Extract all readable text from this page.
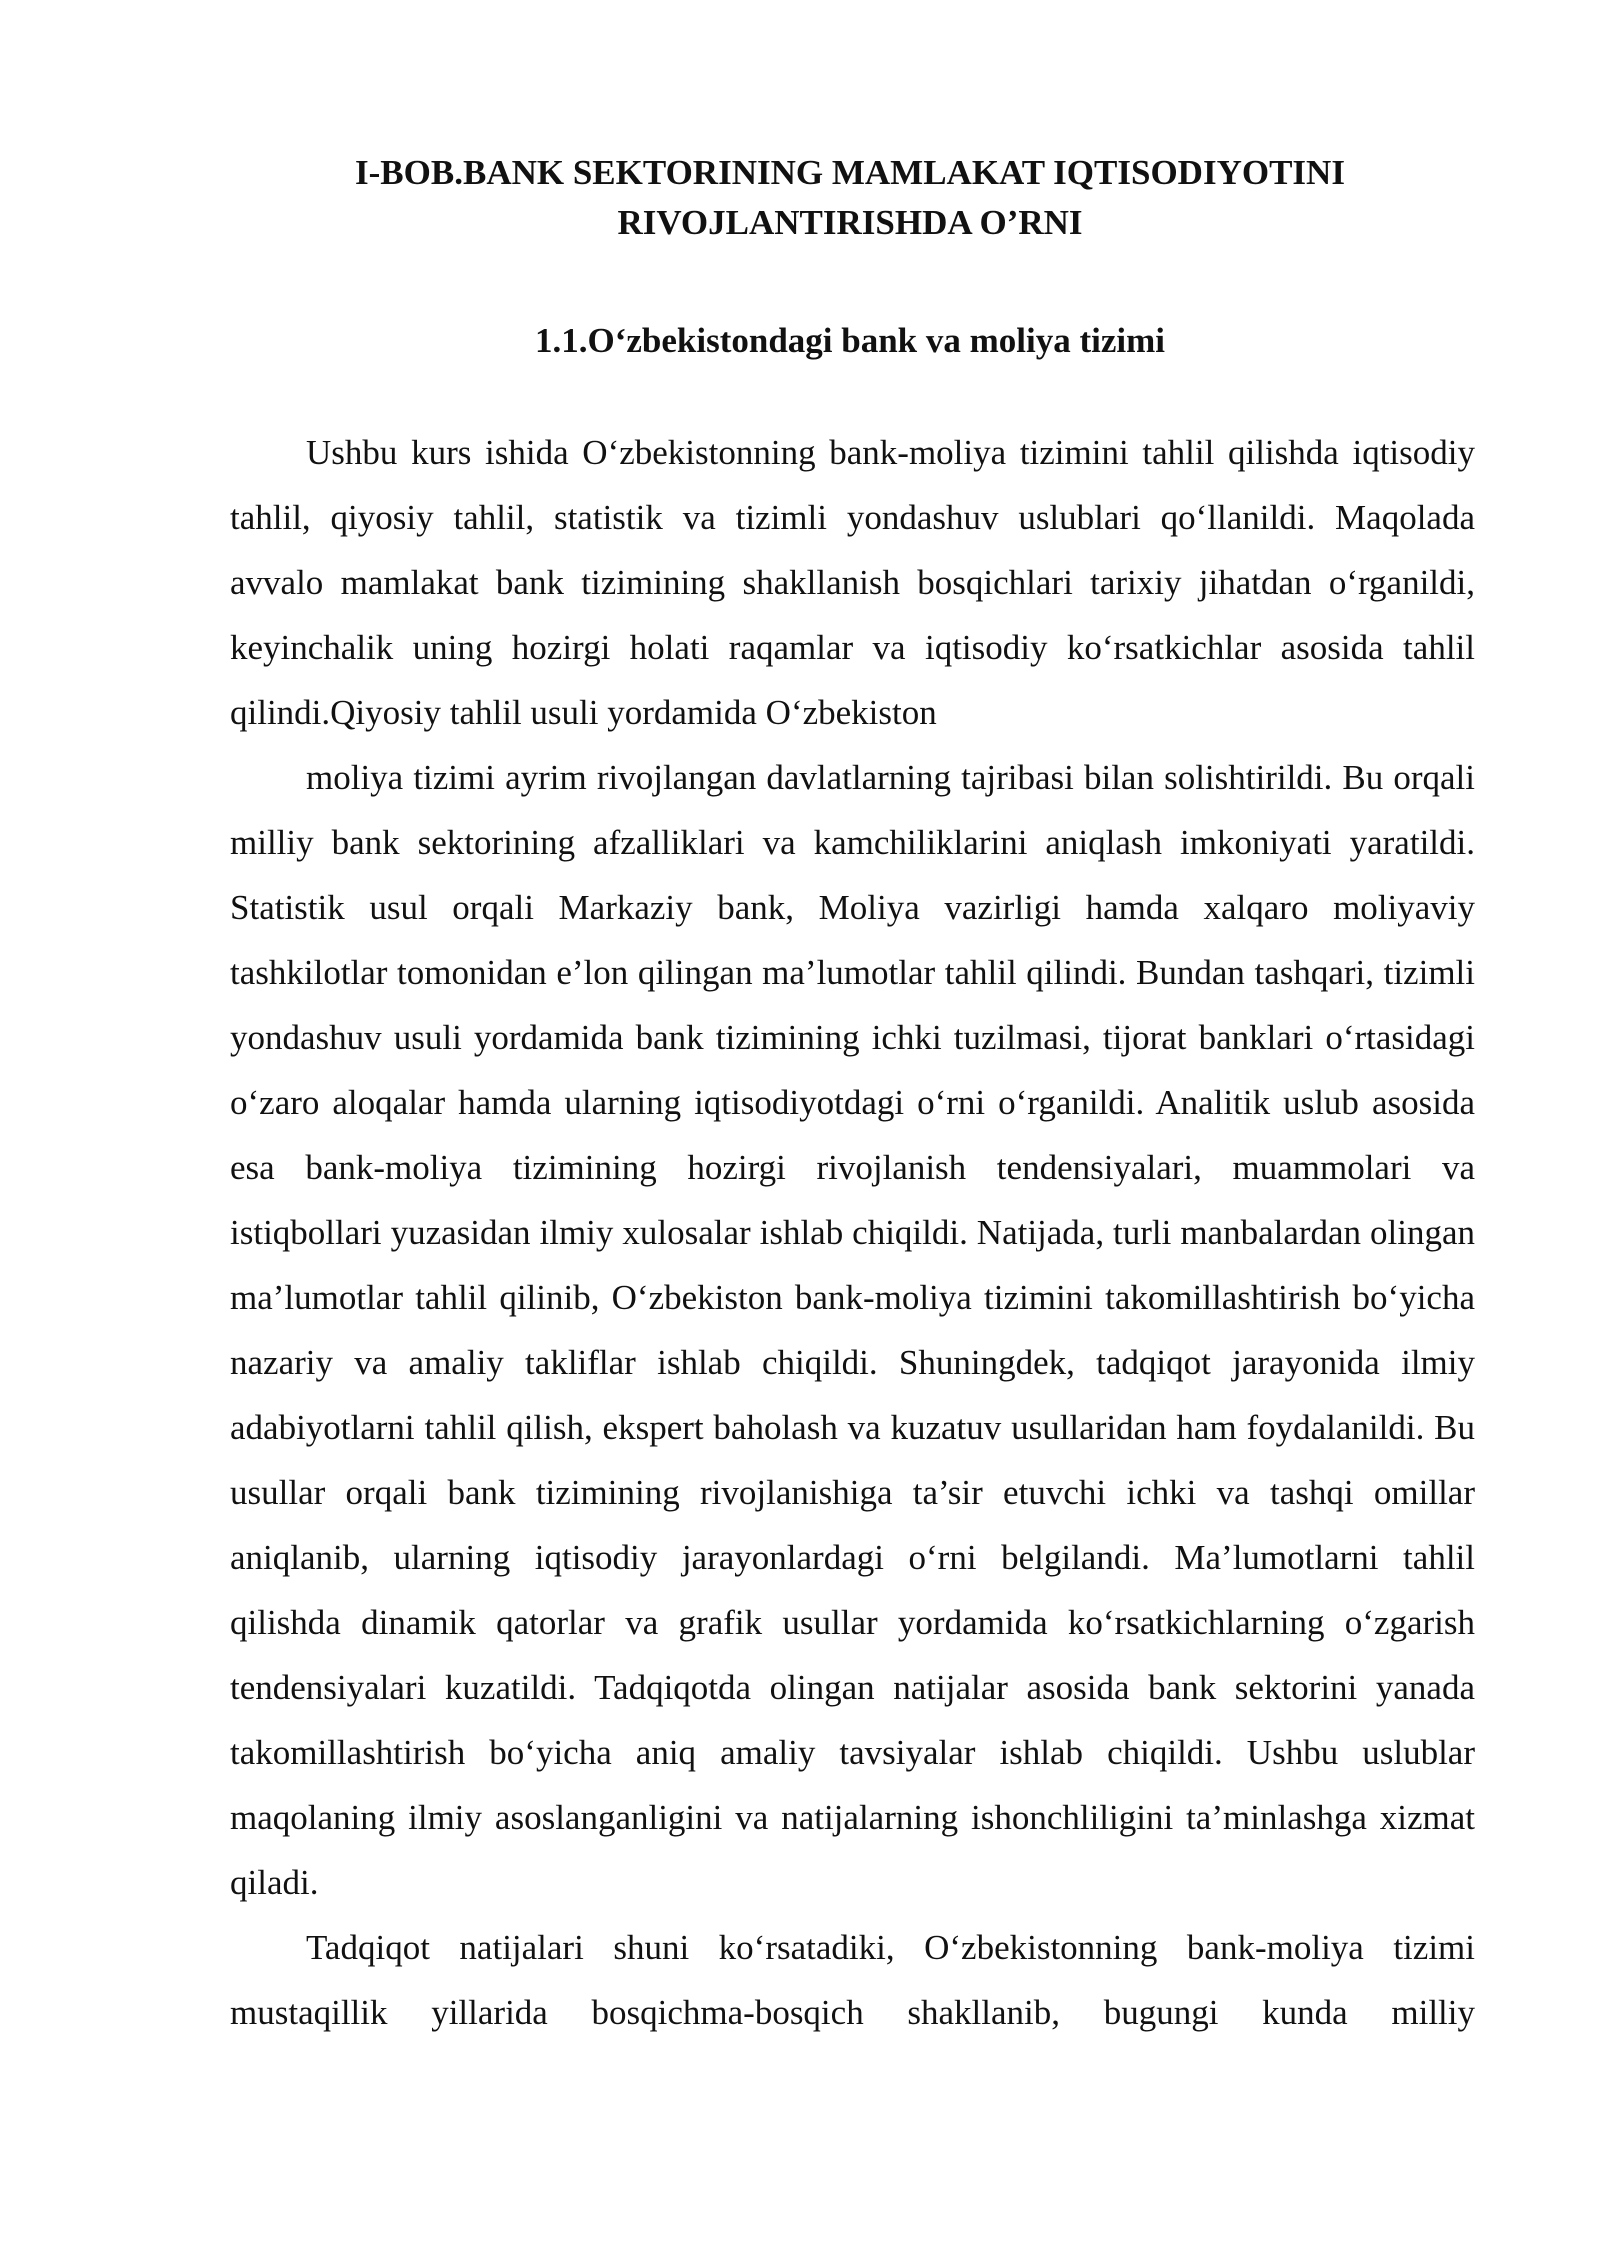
I-BOB.BANK SEKTORINING MAMLAKAT IQTISODIYOTINI
RIVOJLANTIRISHDA O’RNI
1.1.O‘zbekistondagi bank va moliya tizimi

Ushbu kurs ishida O‘zbekistonning bank-moliya tizimini tahlil qilishda iqtisodiy tahlil, qiyosiy tahlil, statistik va tizimli yondashuv uslublari qo‘llanildi. Maqolada avvalo mamlakat bank tizimining shakllanish bosqichlari tarixiy jihatdan o‘rganildi, keyinchalik uning hozirgi holati raqamlar va iqtisodiy ko‘rsatkichlar asosida tahlil qilindi.Qiyosiy tahlil usuli yordamida O‘zbekiston

moliya tizimi ayrim rivojlangan davlatlarning tajribasi bilan solishtirildi. Bu orqali milliy bank sektorining afzalliklari va kamchiliklarini aniqlash imkoniyati yaratildi. Statistik usul orqali Markaziy bank, Moliya vazirligi hamda xalqaro moliyaviy tashkilotlar tomonidan e’lon qilingan ma’lumotlar tahlil qilindi. Bundan tashqari, tizimli yondashuv usuli yordamida bank tizimining ichki tuzilmasi, tijorat banklari o‘rtasidagi o‘zaro aloqalar hamda ularning iqtisodiyotdagi o‘rni o‘rganildi. Analitik uslub asosida esa bank-moliya tizimining hozirgi rivojlanish tendensiyalari, muammolari va istiqbollari yuzasidan ilmiy xulosalar ishlab chiqildi. Natijada, turli manbalardan olingan ma’lumotlar tahlil qilinib, O‘zbekiston bank-moliya tizimini takomillashtirish bo‘yicha nazariy va amaliy takliflar ishlab chiqildi. Shuningdek, tadqiqot jarayonida ilmiy adabiyotlarni tahlil qilish, ekspert baholash va kuzatuv usullaridan ham foydalanildi. Bu usullar orqali bank tizimining rivojlanishiga ta’sir etuvchi ichki va tashqi omillar aniqlanib, ularning iqtisodiy jarayonlardagi o‘rni belgilandi. Ma’lumotlarni tahlil qilishda dinamik qatorlar va grafik usullar yordamida ko‘rsatkichlarning o‘zgarish tendensiyalari kuzatildi. Tadqiqotda olingan natijalar asosida bank sektorini yanada takomillashtirish bo‘yicha aniq amaliy tavsiyalar ishlab chiqildi. Ushbu uslublar maqolaning ilmiy asoslanganligini va natijalarning ishonchliligini ta’minlashga xizmat qiladi.

Tadqiqot natijalari shuni ko‘rsatadiki, O‘zbekistonning bank-moliya tizimi mustaqillik yillarida bosqichma-bosqich shakllanib, bugungi kunda milliy
